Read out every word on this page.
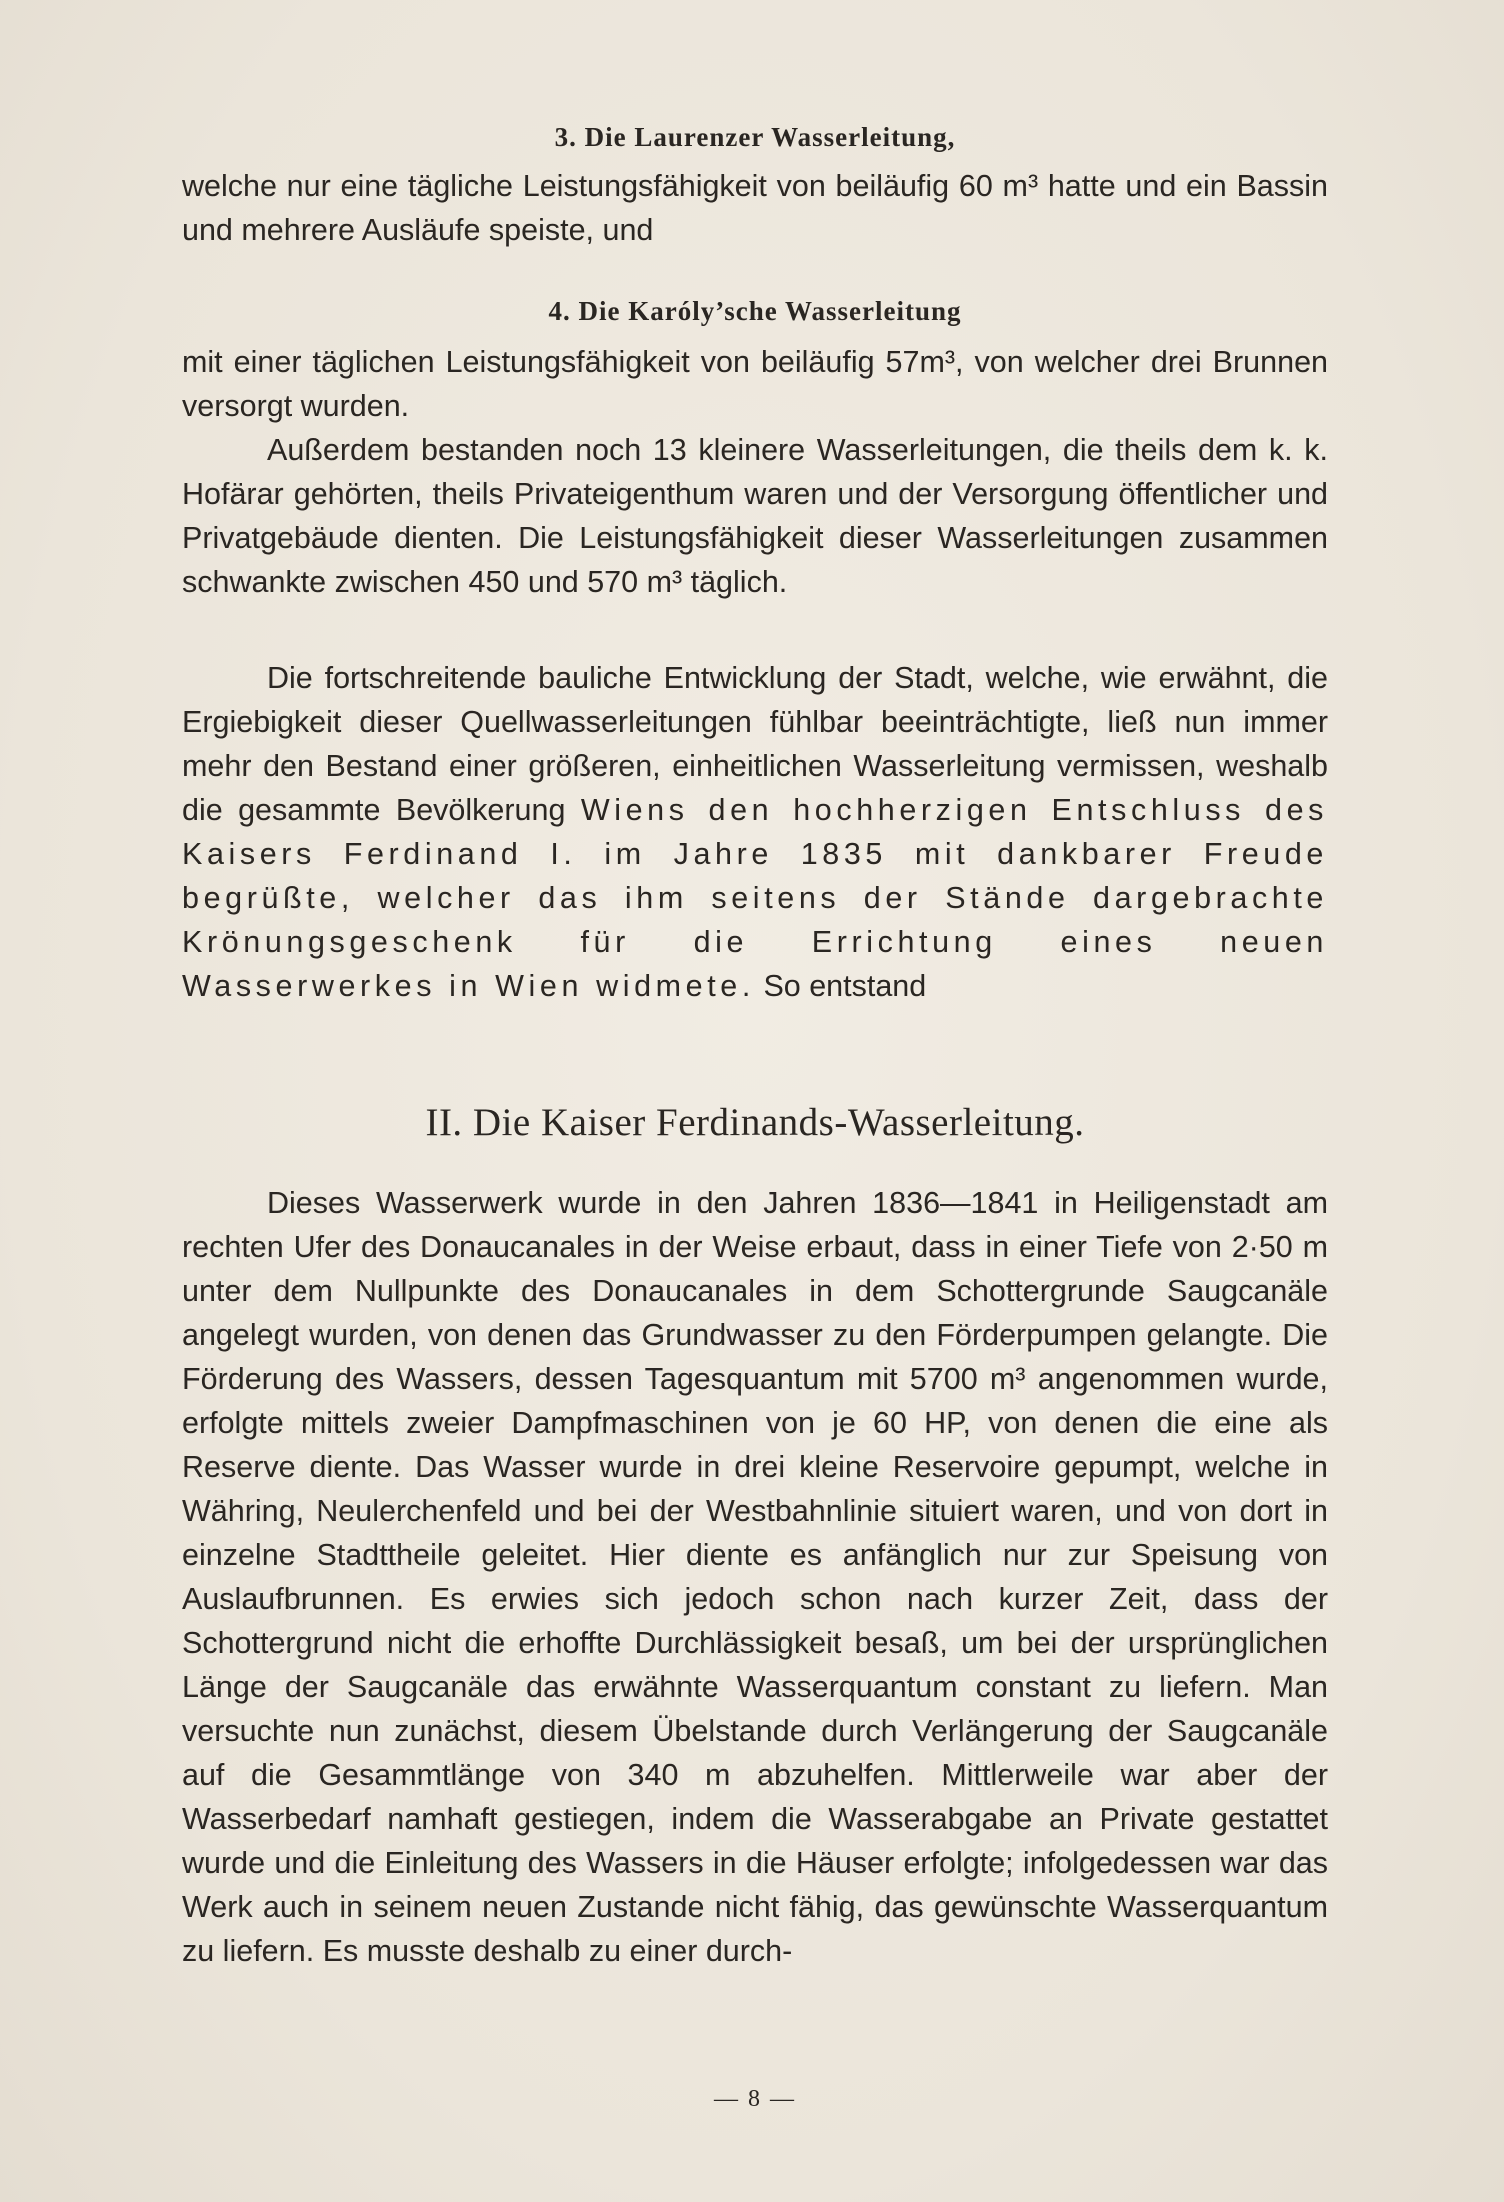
3. Die Laurenzer Wasserleitung,

welche nur eine tägliche Leistungsfähigkeit von beiläufig 60 m³ hatte und ein Bassin und mehrere Ausläufe speiste, und

4. Die Karóly’sche Wasserleitung

mit einer täglichen Leistungsfähigkeit von beiläufig 57m³, von welcher drei Brunnen versorgt wurden.

Außerdem bestanden noch 13 kleinere Wasserleitungen, die theils dem k. k. Hofärar gehörten, theils Privateigenthum waren und der Versorgung öffentlicher und Privatgebäude dienten. Die Leistungsfähigkeit dieser Wasserleitungen zusammen schwankte zwischen 450 und 570 m³ täglich.

Die fortschreitende bauliche Entwicklung der Stadt, welche, wie erwähnt, die Ergiebigkeit dieser Quellwasserleitungen fühlbar beeinträchtigte, ließ nun immer mehr den Bestand einer größeren, einheitlichen Wasserleitung vermissen, weshalb die gesammte Bevölkerung Wiens den hochherzigen Entschluss des Kaisers Ferdinand I. im Jahre 1835 mit dankbarer Freude begrüßte, welcher das ihm seitens der Stände dargebrachte Krönungsgeschenk für die Errichtung eines neuen Wasserwerkes in Wien widmete. So entstand

II. Die Kaiser Ferdinands-Wasserleitung.

Dieses Wasserwerk wurde in den Jahren 1836—1841 in Heiligenstadt am rechten Ufer des Donaucanales in der Weise erbaut, dass in einer Tiefe von 2·50 m unter dem Nullpunkte des Donaucanales in dem Schottergrunde Saugcanäle angelegt wurden, von denen das Grundwasser zu den Förderpumpen gelangte. Die Förderung des Wassers, dessen Tagesquantum mit 5700 m³ angenommen wurde, erfolgte mittels zweier Dampfmaschinen von je 60 HP, von denen die eine als Reserve diente. Das Wasser wurde in drei kleine Reservoire gepumpt, welche in Währing, Neulerchenfeld und bei der Westbahnlinie situiert waren, und von dort in einzelne Stadttheile geleitet. Hier diente es anfänglich nur zur Speisung von Auslaufbrunnen. Es erwies sich jedoch schon nach kurzer Zeit, dass der Schottergrund nicht die erhoffte Durchlässigkeit besaß, um bei der ursprünglichen Länge der Saugcanäle das erwähnte Wasserquantum constant zu liefern. Man versuchte nun zunächst, diesem Übelstande durch Verlängerung der Saugcanäle auf die Gesammtlänge von 340 m abzuhelfen. Mittlerweile war aber der Wasserbedarf namhaft gestiegen, indem die Wasserabgabe an Private gestattet wurde und die Einleitung des Wassers in die Häuser erfolgte; infolgedessen war das Werk auch in seinem neuen Zustande nicht fähig, das gewünschte Wasserquantum zu liefern. Es musste deshalb zu einer durch-

— 8 —
